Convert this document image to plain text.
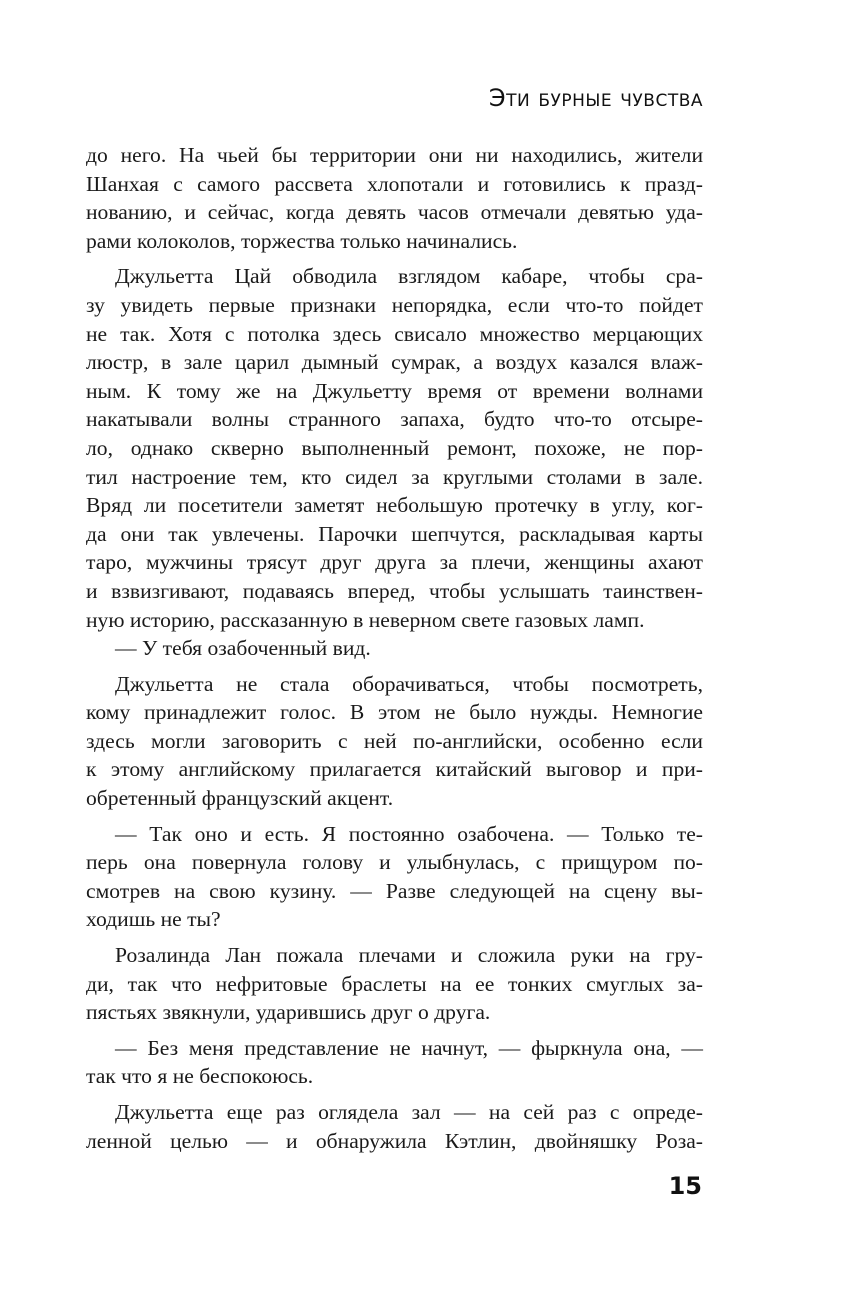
Эти бурные чувства
до него. На чьей бы территории они ни находились, жители
Шанхая с самого рассвета хлопотали и готовились к празд-
нованию, и сейчас, когда девять часов отмечали девятью уда-
рами колоколов, торжества только начинались.
Джульетта Цай обводила взглядом кабаре, чтобы сра-
зу увидеть первые признаки непорядка, если что-то пойдет
не так. Хотя с потолка здесь свисало множество мерцающих
люстр, в зале царил дымный сумрак, а воздух казался влаж-
ным. К тому же на Джульетту время от времени волнами
накатывали волны странного запаха, будто что-то отсыре-
ло, однако скверно выполненный ремонт, похоже, не пор-
тил настроение тем, кто сидел за круглыми столами в зале.
Вряд ли посетители заметят небольшую протечку в углу, ког-
да они так увлечены. Парочки шепчутся, раскладывая карты
таро, мужчины трясут друг друга за плечи, женщины ахают
и взвизгивают, подаваясь вперед, чтобы услышать таинствен-
ную историю, рассказанную в неверном свете газовых ламп.
— У тебя озабоченный вид.
Джульетта не стала оборачиваться, чтобы посмотреть,
кому принадлежит голос. В этом не было нужды. Немногие
здесь могли заговорить с ней по-английски, особенно если
к этому английскому прилагается китайский выговор и при-
обретенный французский акцент.
— Так оно и есть. Я постоянно озабочена. — Только те-
перь она повернула голову и улыбнулась, с прищуром по-
смотрев на свою кузину. — Разве следующей на сцену вы-
ходишь не ты?
Розалинда Лан пожала плечами и сложила руки на гру-
ди, так что нефритовые браслеты на ее тонких смуглых за-
пястьях звякнули, ударившись друг о друга.
— Без меня представление не начнут, — фыркнула она, —
так что я не беспокоюсь.
Джульетта еще раз оглядела зал — на сей раз с опреде-
ленной целью — и обнаружила Кэтлин, двойняшку Роза-
15
